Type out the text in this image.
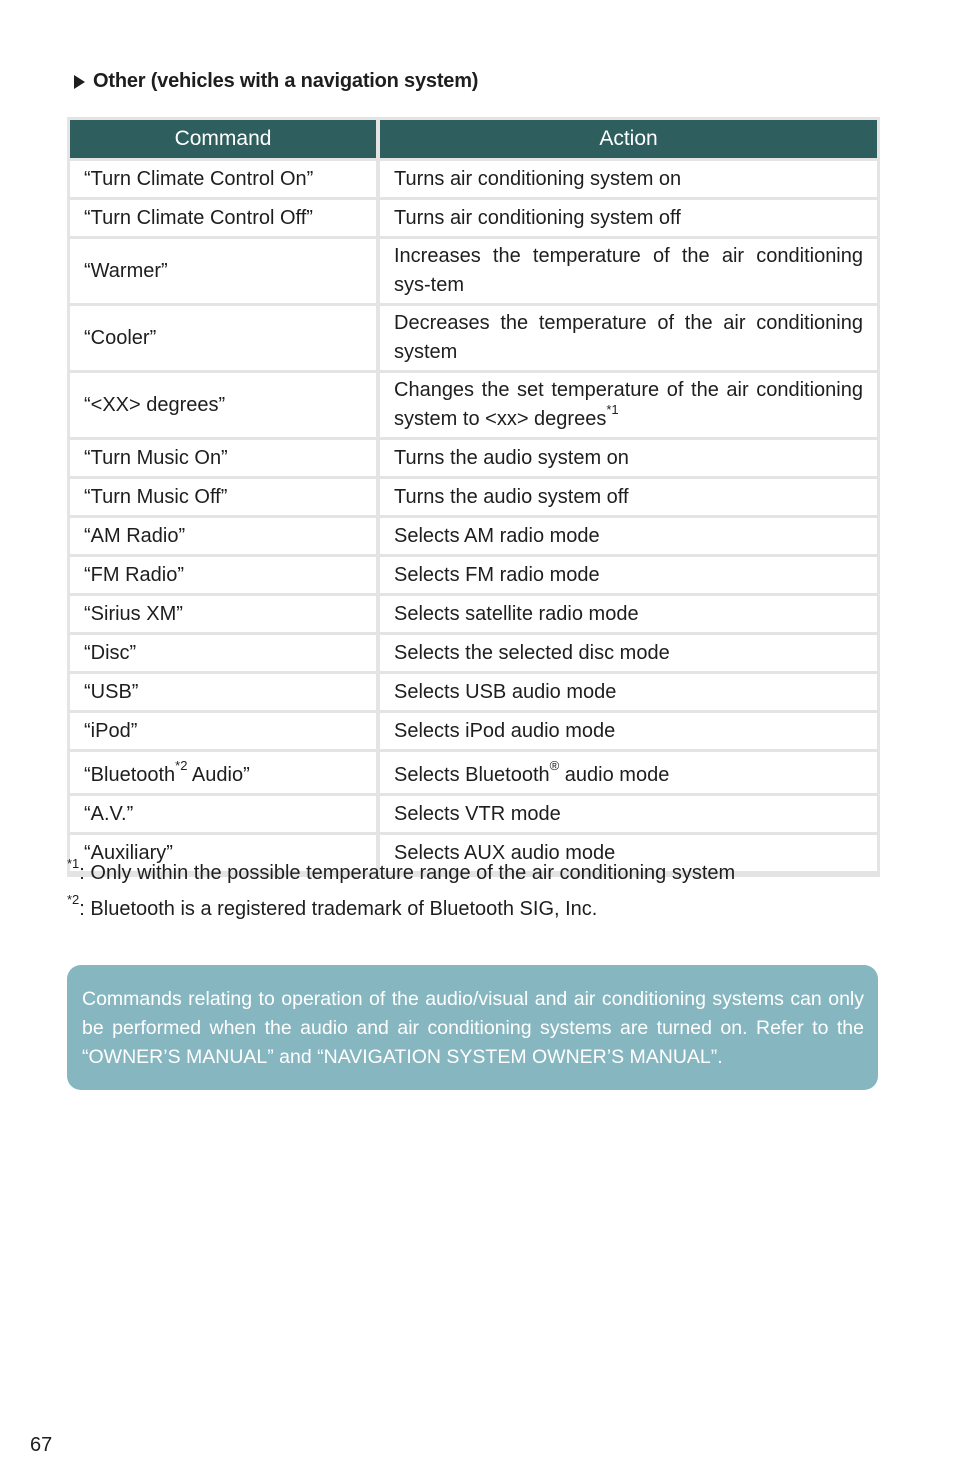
Other (vehicles with a navigation system)
Command	Action
“Turn Climate Control On”	Turns air conditioning system on
“Turn Climate Control Off”	Turns air conditioning system off
“Warmer”	Increases the temperature of the air conditioning sys-tem
“Cooler”	Decreases the temperature of the air conditioning system
“<XX> degrees”	Changes the set temperature of the air conditioning system to <xx> degrees$^{*1}$
“Turn Music On”	Turns the audio system on
“Turn Music Off”	Turns the audio system off
“AM Radio”	Selects AM radio mode
“FM Radio”	Selects FM radio mode
“Sirius XM”	Selects satellite radio mode
“Disc”	Selects the selected disc mode
“USB”	Selects USB audio mode
“iPod”	Selects iPod audio mode
“Bluetooth$^{*2}$ Audio”	Selects Bluetooth® audio mode
“A.V.”	Selects VTR mode
“Auxiliary”	Selects AUX audio mode

$^{*1}$: Only within the possible temperature range of the air conditioning system

$^{*2}$: Bluetooth is a registered trademark of Bluetooth SIG, Inc.

Commands relating to operation of the audio/visual and air conditioning systems can only be performed when the audio and air conditioning systems are turned on. Refer to the “OWNER’S MANUAL” and “NAVIGATION SYSTEM OWNER’S MANUAL”.
67
